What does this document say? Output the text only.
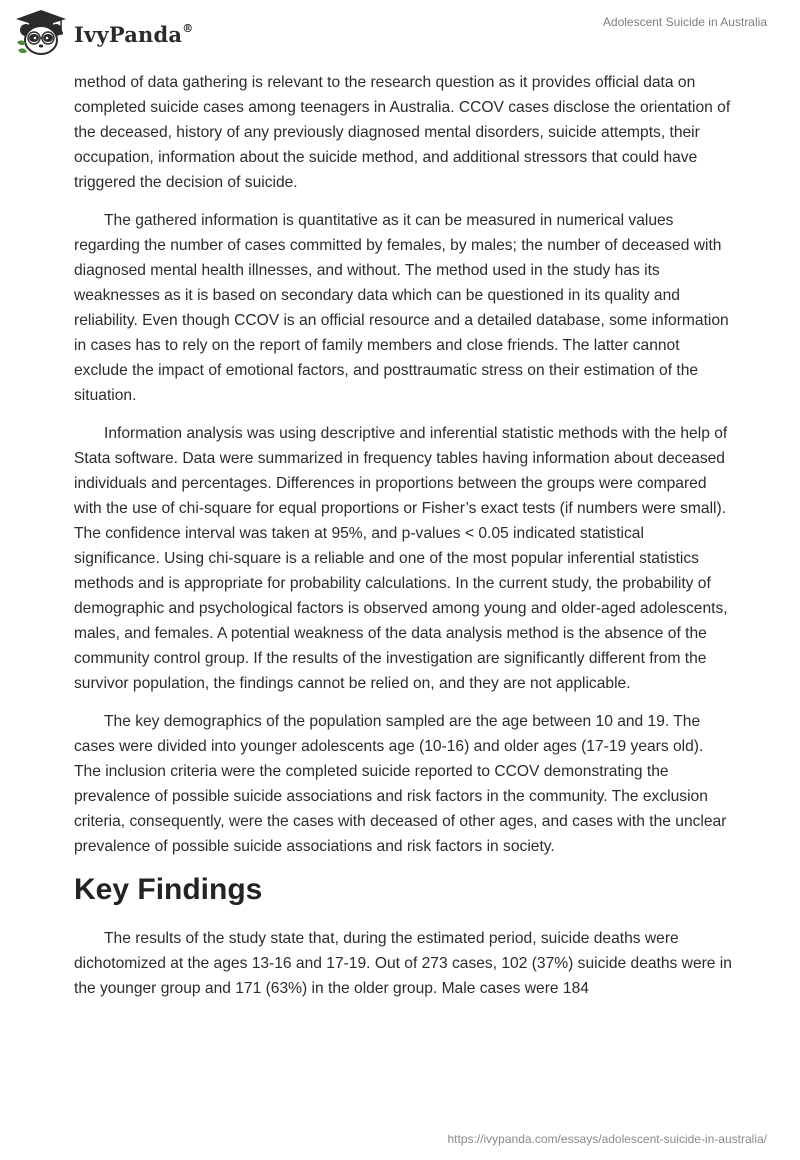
IvyPanda®	Adolescent Suicide in Australia

method of data gathering is relevant to the research question as it provides official data on completed suicide cases among teenagers in Australia. CCOV cases disclose the orientation of the deceased, history of any previously diagnosed mental disorders, suicide attempts, their occupation, information about the suicide method, and additional stressors that could have triggered the decision of suicide.

The gathered information is quantitative as it can be measured in numerical values regarding the number of cases committed by females, by males; the number of deceased with diagnosed mental health illnesses, and without. The method used in the study has its weaknesses as it is based on secondary data which can be questioned in its quality and reliability. Even though CCOV is an official resource and a detailed database, some information in cases has to rely on the report of family members and close friends. The latter cannot exclude the impact of emotional factors, and posttraumatic stress on their estimation of the situation.

Information analysis was using descriptive and inferential statistic methods with the help of Stata software. Data were summarized in frequency tables having information about deceased individuals and percentages. Differences in proportions between the groups were compared with the use of chi-square for equal proportions or Fisher’s exact tests (if numbers were small). The confidence interval was taken at 95%, and p-values < 0.05 indicated statistical significance. Using chi-square is a reliable and one of the most popular inferential statistics methods and is appropriate for probability calculations. In the current study, the probability of demographic and psychological factors is observed among young and older-aged adolescents, males, and females. A potential weakness of the data analysis method is the absence of the community control group. If the results of the investigation are significantly different from the survivor population, the findings cannot be relied on, and they are not applicable.

The key demographics of the population sampled are the age between 10 and 19. The cases were divided into younger adolescents age (10-16) and older ages (17-19 years old). The inclusion criteria were the completed suicide reported to CCOV demonstrating the prevalence of possible suicide associations and risk factors in the community. The exclusion criteria, consequently, were the cases with deceased of other ages, and cases with the unclear prevalence of possible suicide associations and risk factors in society.

Key Findings

The results of the study state that, during the estimated period, suicide deaths were dichotomized at the ages 13-16 and 17-19. Out of 273 cases, 102 (37%) suicide deaths were in the younger group and 171 (63%) in the older group. Male cases were 184

https://ivypanda.com/essays/adolescent-suicide-in-australia/
